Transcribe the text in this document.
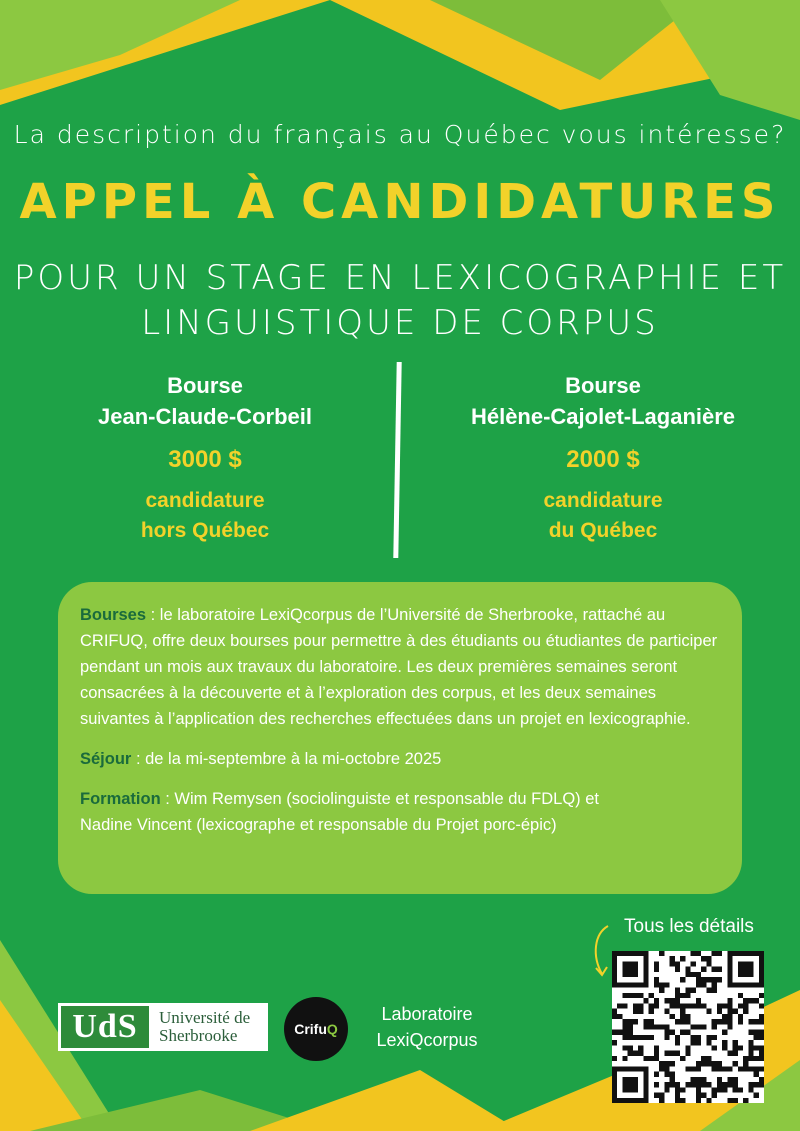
La description du français au Québec vous intéresse?
APPEL À CANDIDATURES
POUR UN STAGE EN LEXICOGRAPHIE ET
LINGUISTIQUE DE CORPUS
Bourse
Jean-Claude-Corbeil
3000 $
candidature
hors Québec
Bourse
Hélène-Cajolet-Laganière
2000 $
candidature
du Québec

Bourses : le laboratoire LexiQcorpus de l’Université de Sherbrooke, rattaché au CRIFUQ, offre deux bourses pour permettre à des étudiants ou étudiantes de participer pendant un mois aux travaux du laboratoire. Les deux premières semaines seront consacrées à la découverte et à l’exploration des corpus, et les deux semaines suivantes à l’application des recherches effectuées dans un projet en lexicographie.

Séjour : de la mi-septembre à la mi-octobre 2025

Formation : Wim Remysen (sociolinguiste et responsable du FDLQ) et
Nadine Vincent (lexicographe et responsable du Projet porc-épic)

Tous les détails
UdS	Université de
Sherbrooke	Crifu Q
Laboratoire
LexiQcorpus
